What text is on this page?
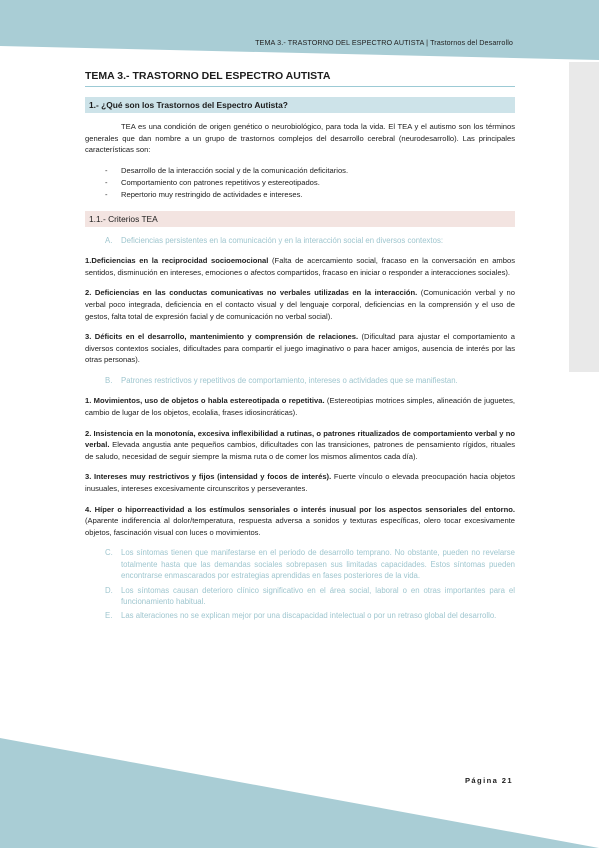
TEMA 3.- TRASTORNO DEL ESPECTRO AUTISTA | Trastornos del Desarrollo
TEMA 3.- TRASTORNO DEL ESPECTRO AUTISTA
1.- ¿Qué son los Trastornos del Espectro Autista?

TEA es una condición de origen genético o neurobiológico, para toda la vida. El TEA y el autismo son los términos generales que dan nombre a un grupo de trastornos complejos del desarrollo cerebral (neurodesarrollo). Las principales características son:

- Desarrollo de la interacción social y de la comunicación deficitarios.
- Comportamiento con patrones repetitivos y estereotipados.
- Repertorio muy restringido de actividades e intereses.
1.1.- Criterios TEA
A. Deficiencias persistentes en la comunicación y en la interacción social en diversos contextos:

1.Deficiencias en la reciprocidad socioemocional (Falta de acercamiento social, fracaso en la conversación en ambos sentidos, disminución en intereses, emociones o afectos compartidos, fracaso en iniciar o responder a interacciones sociales).

2. Deficiencias en las conductas comunicativas no verbales utilizadas en la interacción. (Comunicación verbal y no verbal poco integrada, deficiencia en el contacto visual y del lenguaje corporal, deficiencias en la comprensión y el uso de gestos, falta total de expresión facial y de comunicación no verbal social).

3. Déficits en el desarrollo, mantenimiento y comprensión de relaciones. (Dificultad para ajustar el comportamiento a diversos contextos sociales, dificultades para compartir el juego imaginativo o para hacer amigos, ausencia de interés por las otras personas).

B. Patrones restrictivos y repetitivos de comportamiento, intereses o actividades que se manifiestan.

1. Movimientos, uso de objetos o habla estereotipada o repetitiva. (Estereotipias motrices simples, alineación de juguetes, cambio de lugar de los objetos, ecolalia, frases idiosincráticas).

2. Insistencia en la monotonía, excesiva inflexibilidad a rutinas, o patrones ritualizados de comportamiento verbal y no verbal. Elevada angustia ante pequeños cambios, dificultades con las transiciones, patrones de pensamiento rígidos, rituales de saludo, necesidad de seguir siempre la misma ruta o de comer los mismos alimentos cada día).

3. Intereses muy restrictivos y fijos (intensidad y focos de interés). Fuerte vínculo o elevada preocupación hacia objetos inusuales, intereses excesivamente circunscritos y perseverantes.

4. Híper o hiporreactividad a los estímulos sensoriales o interés inusual por los aspectos sensoriales del entorno. (Aparente indiferencia al dolor/temperatura, respuesta adversa a sonidos y texturas específicas, olero tocar excesivamente objetos, fascinación visual con luces o movimientos.

C. Los síntomas tienen que manifestarse en el periodo de desarrollo temprano. No obstante, pueden no revelarse totalmente hasta que las demandas sociales sobrepasen sus limitadas capacidades. Estos síntomas pueden encontrarse enmascarados por estrategias aprendidas en fases posteriores de la vida.
D. Los síntomas causan deterioro clínico significativo en el área social, laboral o en otras importantes para el funcionamiento habitual.
E. Las alteraciones no se explican mejor por una discapacidad intelectual o por un retraso global del desarrollo.
Página 21
